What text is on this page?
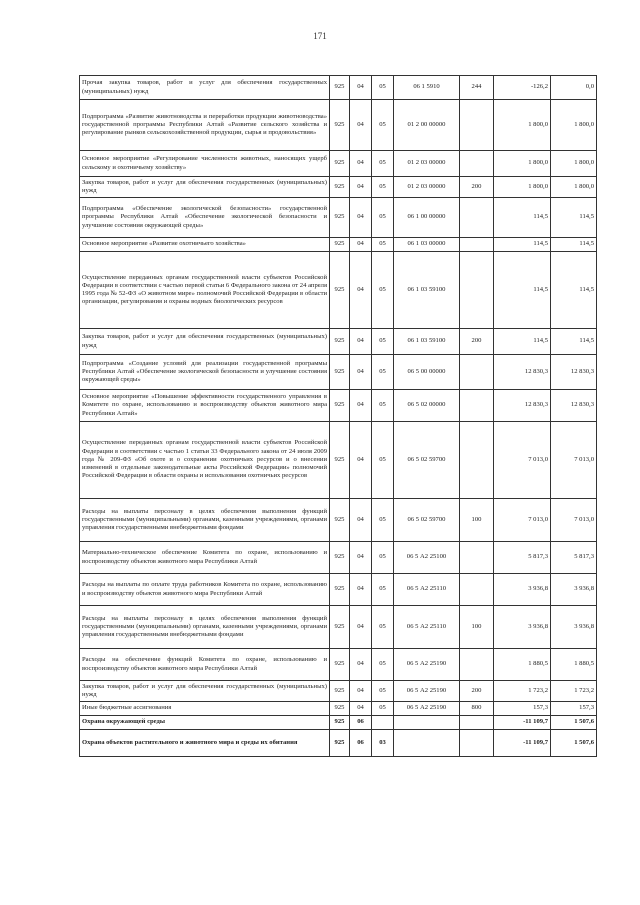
171
Прочая закупка товаров, работ и услуг для обеспечения государственных (муниципальных) нужд	925	04	05	06 1 5910	244	-126,2	0,0
Подпрограмма «Развитие животноводства и переработки продукции животноводства» государственной программы Республики Алтай «Развитие сельского хозяйства и регулирование рынков сельскохозяйственной продукции, сырья и продовольствия»	925	04	05	01 2 00 00000		1 800,0	1 800,0
Основное мероприятие «Регулирование численности животных, наносящих ущерб сельскому и охотничьему хозяйству»	925	04	05	01 2 03 00000		1 800,0	1 800,0
Закупка товаров, работ и услуг для обеспечения государственных (муниципальных) нужд	925	04	05	01 2 03 00000	200	1 800,0	1 800,0
Подпрограмма «Обеспечение экологической безопасности» государственной программы Республики Алтай «Обеспечение экологической безопасности и улучшение состояния окружающей среды»	925	04	05	06 1 00 00000		114,5	114,5
Основное мероприятие «Развитие охотничьего хозяйства»	925	04	05	06 1 03 00000		114,5	114,5
Осуществление переданных органам государственной власти субъектов Российской Федерации в соответствии с частью первой статьи 6 Федерального закона от 24 апреля 1995 года № 52-ФЗ «О животном мире» полномочий Российской Федерации в области организации, регулирования и охраны водных биологических ресурсов	925	04	05	06 1 03 59100		114,5	114,5
Закупка товаров, работ и услуг для обеспечения государственных (муниципальных) нужд	925	04	05	06 1 03 59100	200	114,5	114,5
Подпрограмма «Создание условий для реализации государственной программы Республики Алтай «Обеспечение экологической безопасности и улучшение состояния окружающей среды»	925	04	05	06 5 00 00000		12 830,3	12 830,3
Основное мероприятие «Повышение эффективности государственного управления в Комитете по охране, использованию и воспроизводству объектов животного мира Республики Алтай»	925	04	05	06 5 02 00000		12 830,3	12 830,3
Осуществление переданных органам государственной власти субъектов Российской Федерации в соответствии с частью 1 статьи 33 Федерального закона от 24 июля 2009 года № 209-ФЗ «Об охоте и о сохранении охотничьих ресурсов и о внесении изменений в отдельные законодательные акты Российской Федерации» полномочий Российской Федерации в области охраны и использования охотничьих ресурсов	925	04	05	06 5 02 59700		7 013,0	7 013,0
Расходы на выплаты персоналу в целях обеспечения выполнения функций государственными (муниципальными) органами, казенными учреждениями, органами управления государственными внебюджетными фондами	925	04	05	06 5 02 59700	100	7 013,0	7 013,0
Материально-техническое обеспечение Комитета по охране, использованию и воспроизводству объектов животного мира Республики Алтай	925	04	05	06 5 А2 25100		5 817,3	5 817,3
Расходы на выплаты по оплате труда работников Комитета по охране, использованию и воспроизводству объектов животного мира Республики Алтай	925	04	05	06 5 А2 25110		3 936,8	3 936,8
Расходы на выплаты персоналу в целях обеспечения выполнения функций государственными (муниципальными) органами, казенными учреждениями, органами управления государственными внебюджетными фондами	925	04	05	06 5 А2 25110	100	3 936,8	3 936,8
Расходы на обеспечение функций Комитета по охране, использованию и воспроизводству объектов животного мира Республики Алтай	925	04	05	06 5 А2 25190		1 880,5	1 880,5
Закупка товаров, работ и услуг для обеспечения государственных (муниципальных) нужд	925	04	05	06 5 А2 25190	200	1 723,2	1 723,2
Иные бюджетные ассигнования	925	04	05	06 5 А2 25190	800	157,3	157,3
Охрана окружающей среды	925	06				-11 109,7	1 507,6
Охрана объектов растительного и животного мира и среды их обитания	925	06	03			-11 109,7	1 507,6
